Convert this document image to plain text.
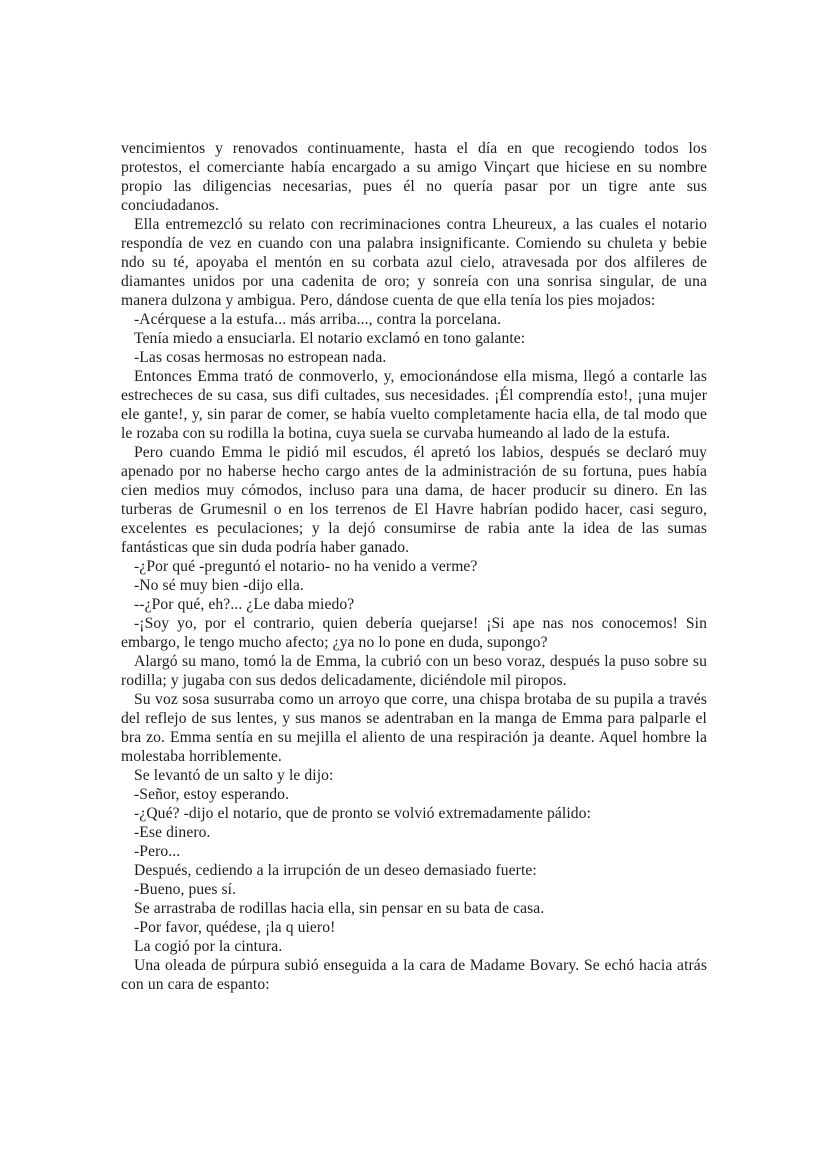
vencimientos y renovados continuamente, hasta el día en que recogiendo todos los protestos, el comerciante había encargado a su amigo Vinçart que hiciese en su nombre propio las diligencias necesarias, pues él no quería pasar por un tigre ante sus conciudadanos.

Ella entremezcló su relato con recriminaciones contra Lheureux, a las cuales el notario respondía de vez en cuando con una palabra insignificante. Comiendo su chuleta y bebie ndo su té, apoyaba el mentón en su corbata azul cielo, atravesada por dos alfileres de diamantes unidos por una cadenita de oro; y sonreía con una sonrisa singular, de una manera dulzona y ambigua. Pero, dándose cuenta de que ella tenía los pies mojados:

-Acérquese a la estufa... más arriba..., contra la porcelana.

Tenía miedo a ensuciarla. El notario exclamó en tono galante:

-Las cosas hermosas no estropean nada.

Entonces Emma trató de conmoverlo, y, emocionándose ella misma, llegó a contarle las estrecheces de su casa, sus difi cultades, sus necesidades. ¡Él comprendía esto!, ¡una mujer ele gante!, y, sin parar de comer, se había vuelto completamente hacia ella, de tal modo que le rozaba con su rodilla la botina, cuya suela se curvaba humeando al lado de la estufa.

Pero cuando Emma le pidió mil escudos, él apretó los labios, después se declaró muy apenado por no haberse hecho cargo antes de la administración de su fortuna, pues había cien medios muy cómodos, incluso para una dama, de hacer producir su dinero. En las turberas de Grumesnil o en los terrenos de El Havre habrían podido hacer, casi seguro, excelentes es peculaciones; y la dejó consumirse de rabia ante la idea de las sumas fantásticas que sin duda podría haber ganado.

-¿Por qué -preguntó el notario- no ha venido a verme?

-No sé muy bien -dijo ella.

--¿Por qué, eh?... ¿Le daba miedo?

-¡Soy yo, por el contrario, quien debería quejarse! ¡Si ape nas nos conocemos! Sin embargo, le tengo mucho afecto; ¿ya no lo pone en duda, supongo?

Alargó su mano, tomó la de Emma, la cubrió con un beso voraz, después la puso sobre su rodilla; y jugaba con sus dedos delicadamente, diciéndole mil piropos.

Su voz sosa susurraba como un arroyo que corre, una chispa brotaba de su pupila a través del reflejo de sus lentes, y sus manos se adentraban en la manga de Emma para palparle el bra zo. Emma sentía en su mejilla el aliento de una respiración ja deante. Aquel hombre la molestaba horriblemente.

Se levantó de un salto y le dijo:

-Señor, estoy esperando.

-¿Qué? -dijo el notario, que de pronto se volvió extremadamente pálido:

-Ese dinero.

-Pero...

Después, cediendo a la irrupción de un deseo demasiado fuerte:

-Bueno, pues sí.

Se arrastraba de rodillas hacia ella, sin pensar en su bata de casa.

-Por favor, quédese, ¡la q uiero!

La cogió por la cintura.

Una oleada de púrpura subió enseguida a la cara de Madame Bovary. Se echó hacia atrás con un cara de espanto:
